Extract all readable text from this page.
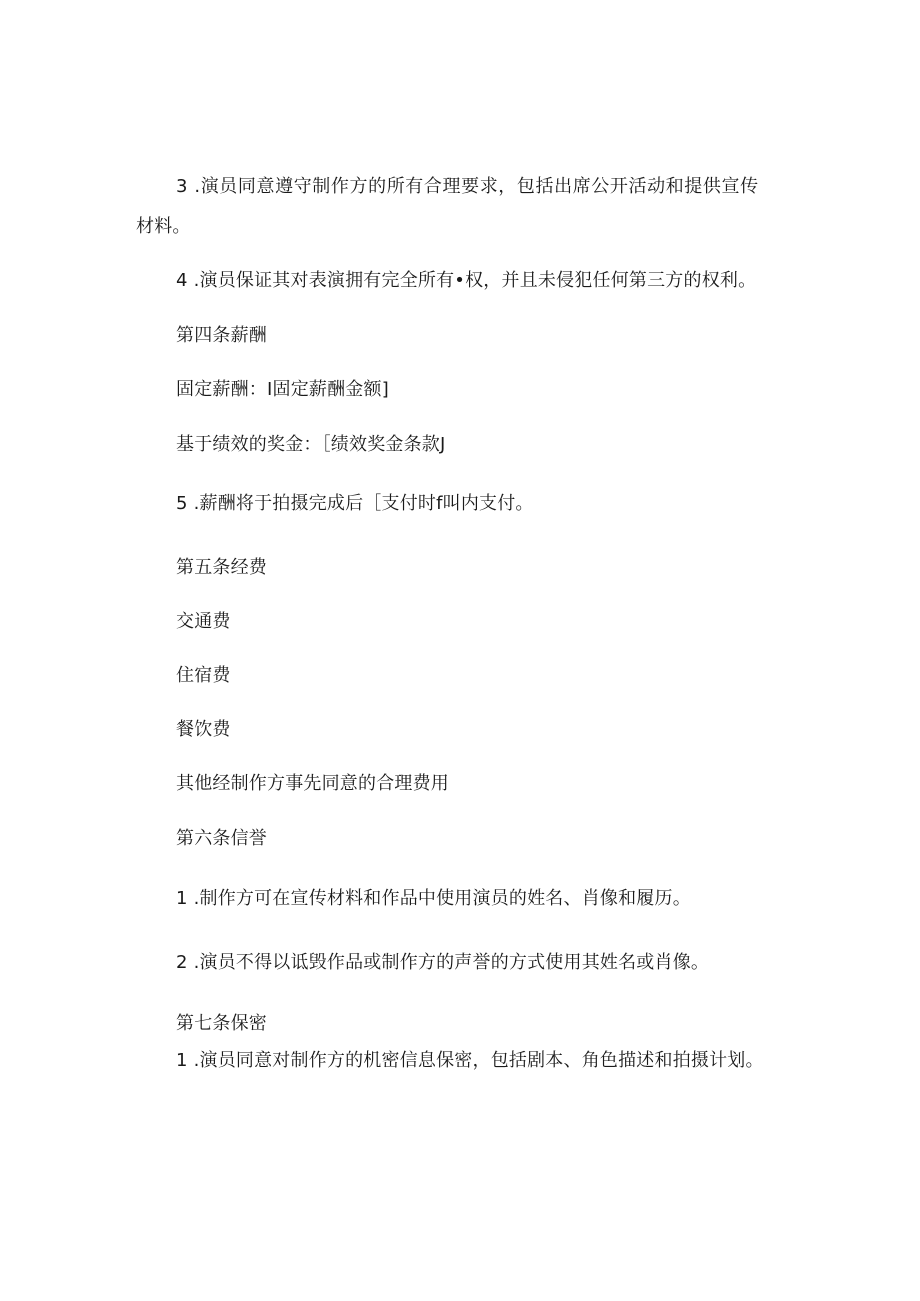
3 .演员同意遵守制作方的所有合理要求，包括出席公开活动和提供宣传
材料。
4 .演员保证其对表演拥有完全所有•权，并且未侵犯任何第三方的权利。
第四条薪酬
固定薪酬：I固定薪酬金额]
基于绩效的奖金：［绩效奖金条款J
5 .薪酬将于拍摄完成后［支付时f叫内支付。
第五条经费
交通费
住宿费
餐饮费
其他经制作方事先同意的合理费用
第六条信誉
1 .制作方可在宣传材料和作品中使用演员的姓名、肖像和履历。
2 .演员不得以诋毁作品或制作方的声誉的方式使用其姓名或肖像。
第七条保密
1 .演员同意对制作方的机密信息保密，包括剧本、角色描述和拍摄计划。
